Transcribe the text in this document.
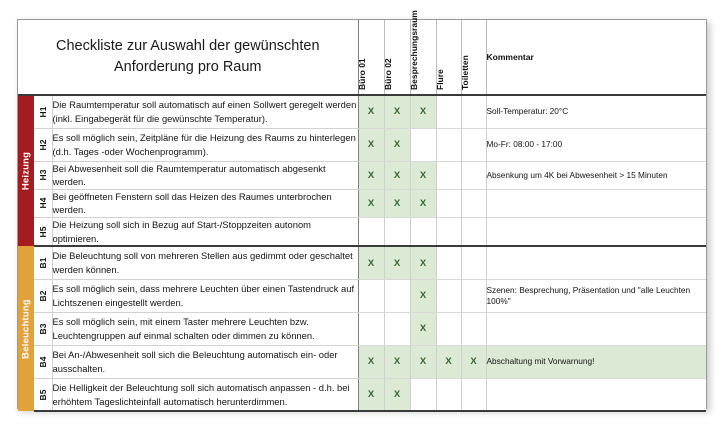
Checkliste zur Auswahl der gewünschten
Anforderung pro Raum			Büro 01	Büro 02	Besprechungsraum	Flure	Toiletten	Kommentar

Heizung	H1	Die Raumtemperatur soll automatisch auf einen Sollwert geregelt werden (inkl. Eingabegerät für die gewünschte Temperatur).	X	X	X			Soll-Temperatur: 20°C

	H2	Es soll möglich sein, Zeitpläne für die Heizung des Raums zu hinterlegen (d.h. Tages -oder Wochenprogramm).	X	X				Mo-Fr: 08:00 - 17:00

	H3	Bei Abwesenheit soll die Raumtemperatur automatisch abgesenkt werden.	X	X	X			Absenkung um 4K bei Abwesenheit > 15 Minuten

	H4	Bei geöffneten Fenstern soll das Heizen des Raumes unterbrochen werden.	X	X	X			

	H5	Die Heizung soll sich in Bezug auf Start-/Stoppzeiten autonom optimieren.						

Beleuchtung	B1	Die Beleuchtung soll von mehreren Stellen aus gedimmt oder geschaltet werden können.	X	X	X			

	B2	Es soll möglich sein, dass mehrere Leuchten über einen Tastendruck auf Lichtszenen eingestellt werden.			X			Szenen: Besprechung, Präsentation und "alle Leuchten 100%"

	B3	Es soll möglich sein, mit einem Taster mehrere Leuchten bzw. Leuchtengruppen auf einmal schalten oder dimmen zu können.			X			

	B4	Bei An-/Abwesenheit soll sich die Beleuchtung automatisch ein- oder ausschalten.	X	X	X	X	X	Abschaltung mit Vorwarnung!

	B5	Die Helligkeit der Beleuchtung soll sich automatisch anpassen - d.h. bei erhöhtem Tageslichteinfall automatisch herunterdimmen.	X	X				
